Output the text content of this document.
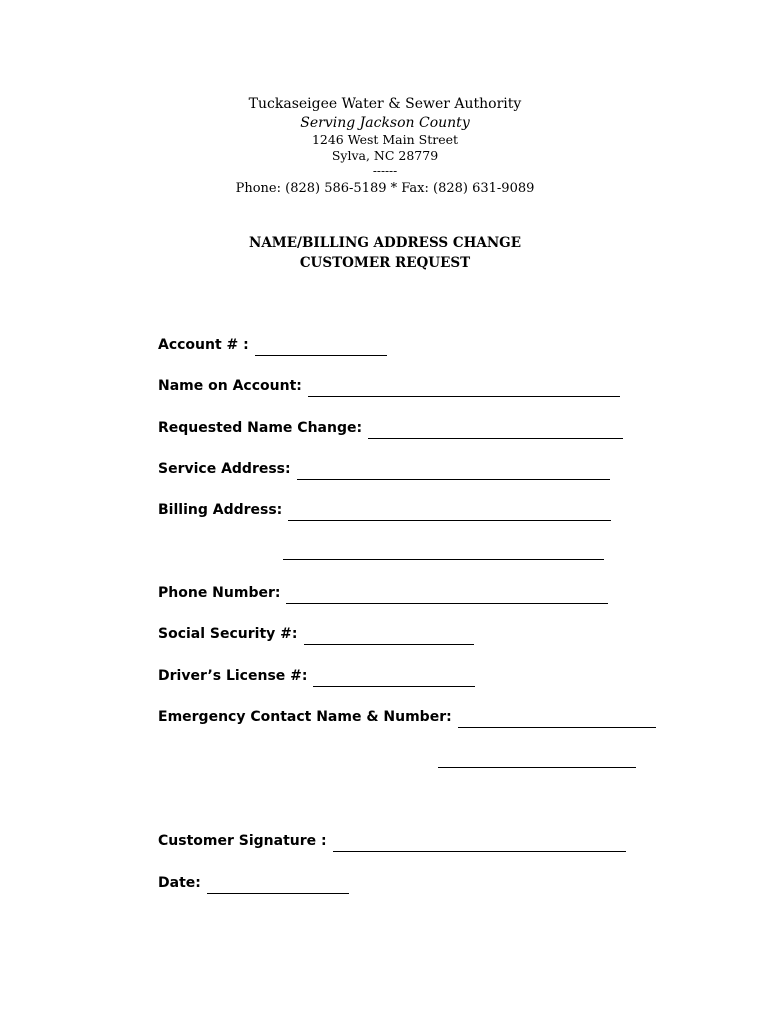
Tuckaseigee Water & Sewer Authority
Serving Jackson County
1246 West Main Street
Sylva, NC 28779
------
Phone: (828) 586-5189 * Fax: (828) 631-9089
NAME/BILLING ADDRESS CHANGE
CUSTOMER REQUEST
Account # :
Name on Account:
Requested Name Change:
Service Address:
Billing Address:
Phone Number:
Social Security #:
Driver’s License #:
Emergency Contact Name & Number:
Customer Signature :
Date:
